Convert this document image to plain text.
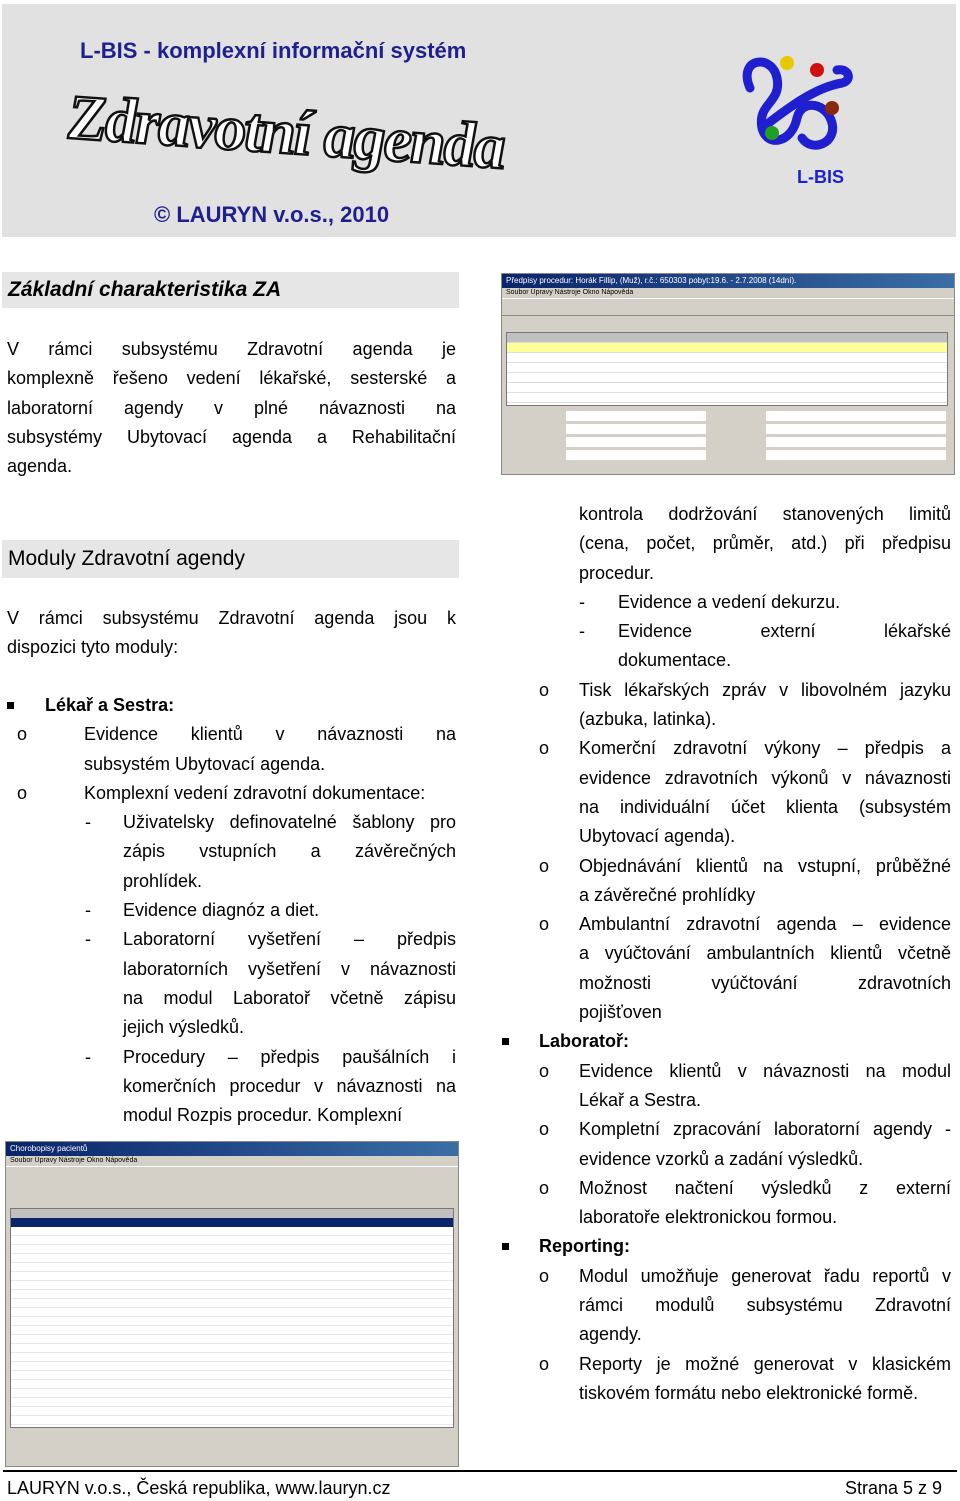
L-BIS - komplexní informační systém
Zdravotní agenda
© LAURYN v.o.s., 2010
L-BIS
Základní charakteristika ZA

V rámci subsystému Zdravotní agenda je

komplexně řešeno vedení lékařské, sesterské a

laboratorní agendy v plné návaznosti na

subsystémy Ubytovací agenda a Rehabilitační

agenda.

Předpisy procedur: Horák Fillip, (Muž), r.č.: 650303 pobyt:19.6. - 2.7.2008 (14dní).
Soubor Úpravy Nástroje Okno Nápověda
Moduly Zdravotní agendy

V rámci subsystému Zdravotní agenda jsou k

dispozici tyto moduly:

Lékař a Sestra:

o	Evidence klientů v návaznosti na

subsystém Ubytovací agenda.

o	Komplexní vedení zdravotní dokumentace:

- Uživatelsky definovatelné šablony pro

zápis vstupních a závěrečných

prohlídek.

- Evidence diagnóz a diet.

- Laboratorní vyšetření – předpis

laboratorních vyšetření v návaznosti

na modul Laboratoř včetně zápisu

jejich výsledků.

- Procedury – předpis paušálních i

komerčních procedur v návaznosti na

modul Rozpis procedur. Komplexní

Chorobopisy pacientů
Soubor Úpravy Nástroje Okno Nápověda

kontrola dodržování stanovených limitů

(cena, počet, průměr, atd.) při předpisu

procedur.

- Evidence a vedení dekurzu.

- Evidence externí lékařské

dokumentace.

o Tisk lékařských zpráv v libovolném jazyku

(azbuka, latinka).

o Komerční zdravotní výkony – předpis a

evidence zdravotních výkonů v návaznosti

na individuální účet klienta (subsystém

Ubytovací agenda).

o Objednávání klientů na vstupní, průběžné

a závěrečné prohlídky

o Ambulantní zdravotní agenda – evidence

a vyúčtování ambulantních klientů včetně

možnosti vyúčtování zdravotních

pojišťoven

Laboratoř:

o Evidence klientů v návaznosti na modul

Lékař a Sestra.

o Kompletní zpracování laboratorní agendy -

evidence vzorků a zadání výsledků.

o Možnost načtení výsledků z externí

laboratoře elektronickou formou.

Reporting:

o Modul umožňuje generovat řadu reportů v

rámci modulů subsystému Zdravotní

agendy.

o Reporty je možné generovat v klasickém

tiskovém formátu nebo elektronické formě.

LAURYN v.o.s., Česká republika, www.lauryn.cz	Strana 5 z 9
